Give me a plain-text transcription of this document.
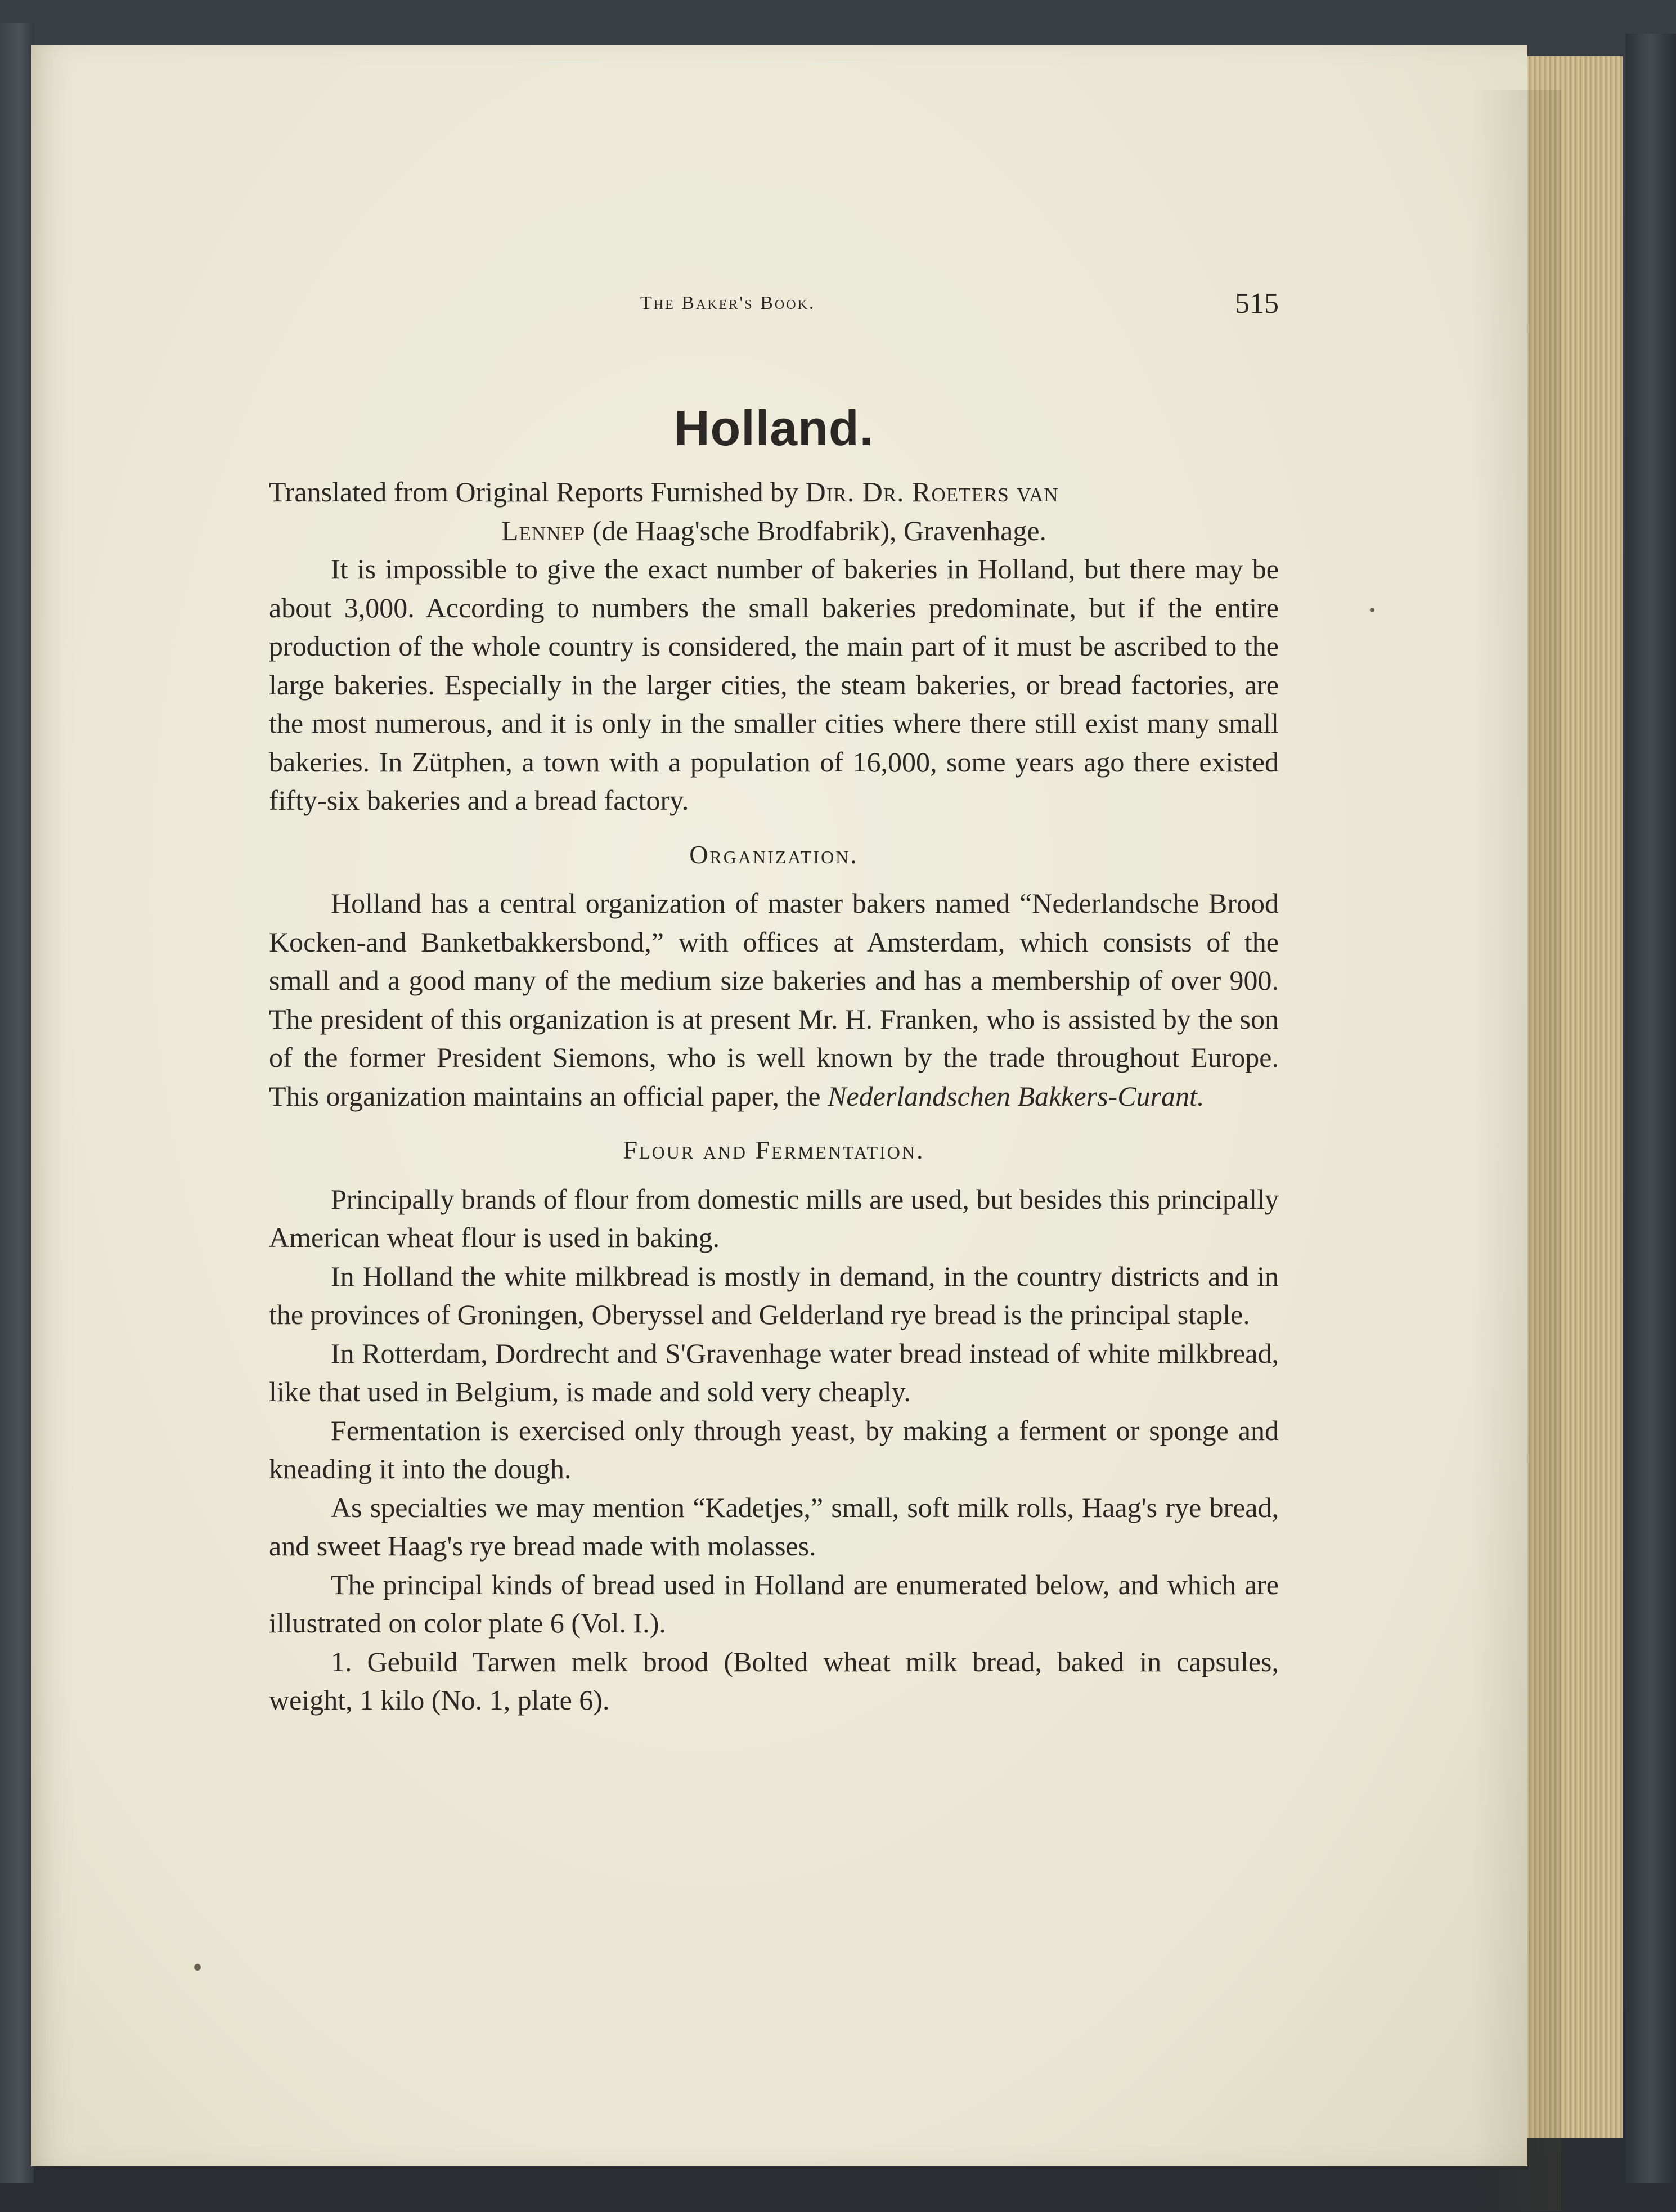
The Baker's Book.	515
Holland.

Translated from Original Reports Furnished by Dir. Dr. Roeters van
Lennep (de Haag'sche Brodfabrik), Gravenhage.

It is impossible to give the exact number of bakeries in Holland, but there may be about 3,000. According to numbers the small bakeries predominate, but if the entire production of the whole country is considered, the main part of it must be ascribed to the large bakeries. Especially in the larger cities, the steam bakeries, or bread factories, are the most numerous, and it is only in the smaller cities where there still exist many small bakeries. In Zütphen, a town with a population of 16,000, some years ago there existed fifty-six bakeries and a bread factory.

Organization.

Holland has a central organization of master bakers named “Nederlandsche Brood Kocken-and Banketbakkersbond,” with offices at Amsterdam, which consists of the small and a good many of the medium size bakeries and has a membership of over 900. The president of this organization is at present Mr. H. Franken, who is assisted by the son of the former President Siemons, who is well known by the trade throughout Europe. This organization maintains an official paper, the Nederlandschen Bakkers-Curant.

Flour and Fermentation.

Principally brands of flour from domestic mills are used, but besides this principally American wheat flour is used in baking.

In Holland the white milkbread is mostly in demand, in the country districts and in the provinces of Groningen, Oberyssel and Gelderland rye bread is the principal staple.

In Rotterdam, Dordrecht and S'Gravenhage water bread instead of white milkbread, like that used in Belgium, is made and sold very cheaply.

Fermentation is exercised only through yeast, by making a ferment or sponge and kneading it into the dough.

As specialties we may mention “Kadetjes,” small, soft milk rolls, Haag's rye bread, and sweet Haag's rye bread made with molasses.

The principal kinds of bread used in Holland are enumerated below, and which are illustrated on color plate 6 (Vol. I.).

1. Gebuild Tarwen melk brood (Bolted wheat milk bread, baked in capsules, weight, 1 kilo (No. 1, plate 6).
